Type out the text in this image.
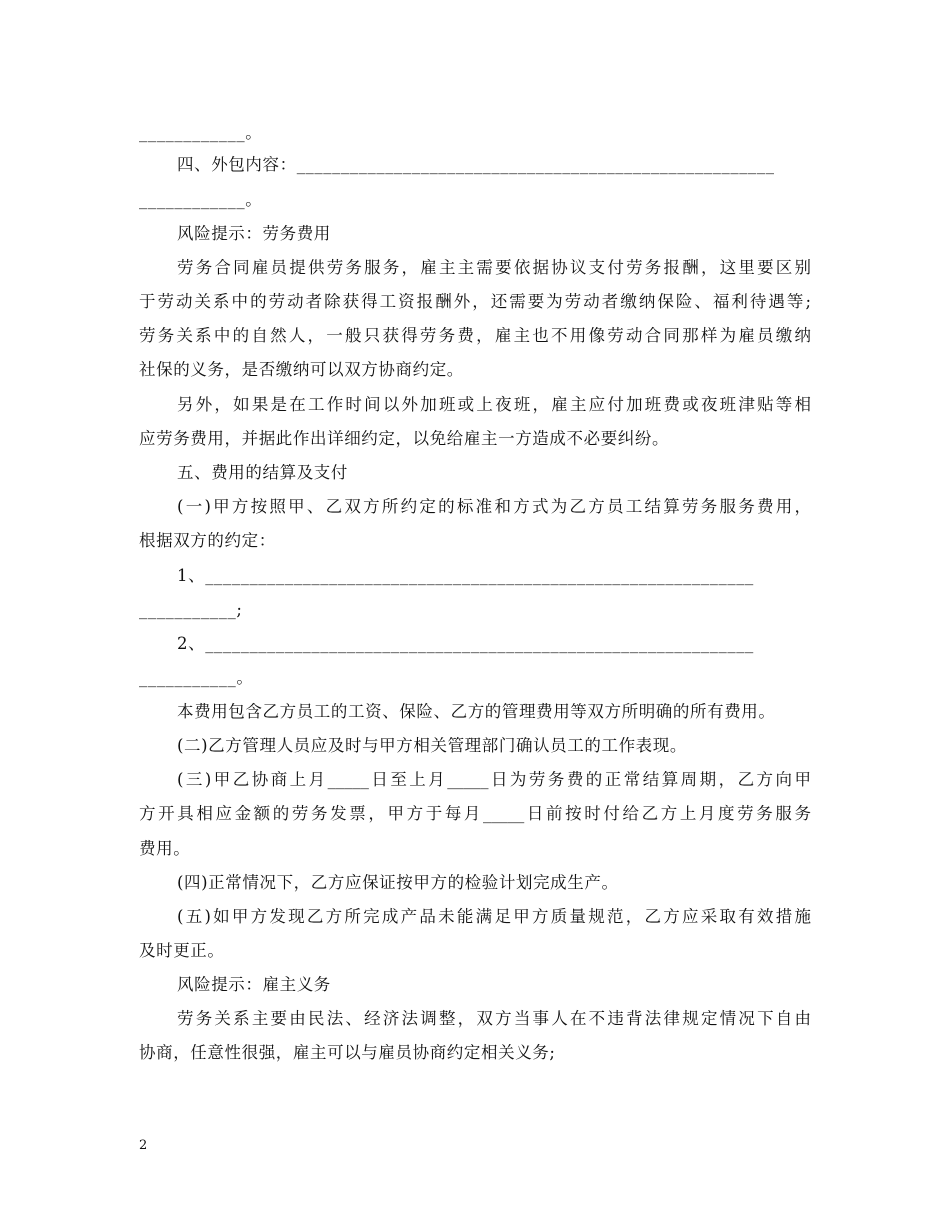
____________。
四、外包内容：______________________________________________________
____________。
风险提示：劳务费用
劳务合同雇员提供劳务服务，雇主主需要依据协议支付劳务报酬，这里要区别
于劳动关系中的劳动者除获得工资报酬外，还需要为劳动者缴纳保险、福利待遇等;
劳务关系中的自然人，一般只获得劳务费，雇主也不用像劳动合同那样为雇员缴纳
社保的义务，是否缴纳可以双方协商约定。
另外，如果是在工作时间以外加班或上夜班，雇主应付加班费或夜班津贴等相
应劳务费用，并据此作出详细约定，以免给雇主一方造成不必要纠纷。
五、费用的结算及支付
(一)甲方按照甲、乙双方所约定的标准和方式为乙方员工结算劳务服务费用，
根据双方的约定：
1、______________________________________________________________
___________;
2、______________________________________________________________
___________。
本费用包含乙方员工的工资、保险、乙方的管理费用等双方所明确的所有费用。
(二)乙方管理人员应及时与甲方相关管理部门确认员工的工作表现。
(三)甲乙协商上月_____日至上月_____日为劳务费的正常结算周期，乙方向甲
方开具相应金额的劳务发票，甲方于每月_____日前按时付给乙方上月度劳务服务
费用。
(四)正常情况下，乙方应保证按甲方的检验计划完成生产。
(五)如甲方发现乙方所完成产品未能满足甲方质量规范，乙方应采取有效措施
及时更正。
风险提示：雇主义务
劳务关系主要由民法、经济法调整，双方当事人在不违背法律规定情况下自由
协商，任意性很强，雇主可以与雇员协商约定相关义务;
2
